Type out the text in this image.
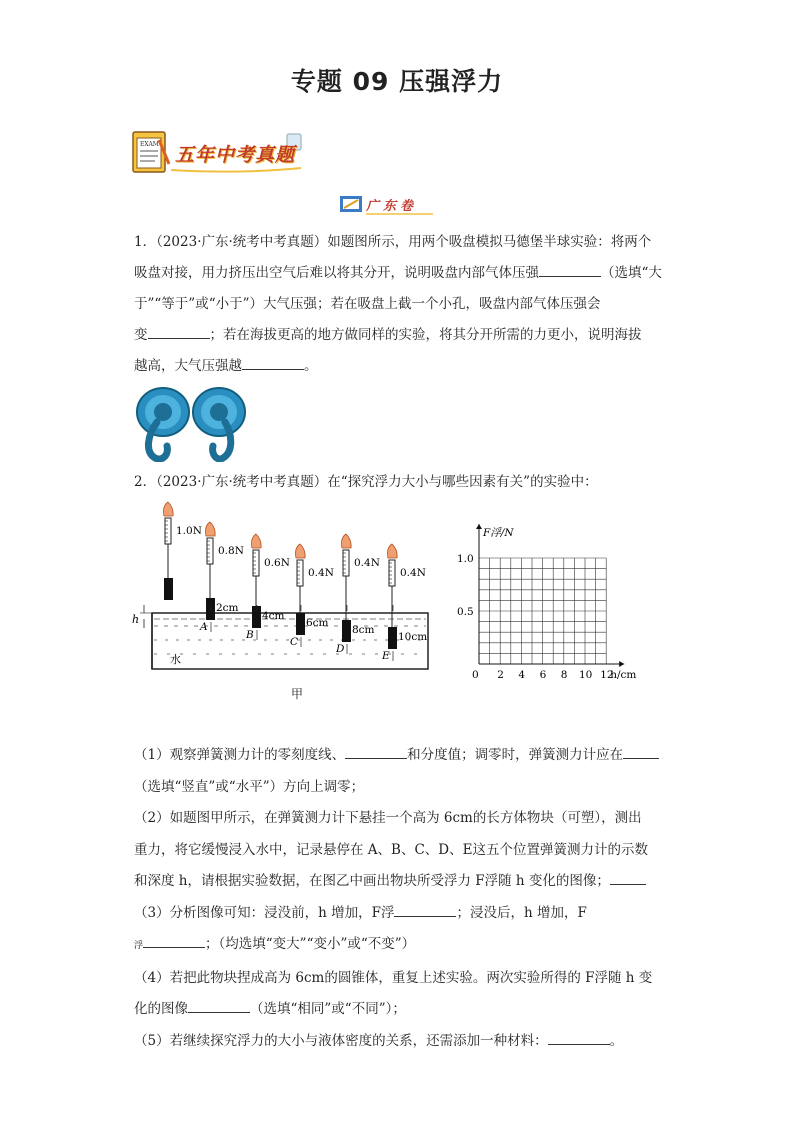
专题 09 压强浮力
EXAM 五年中考真题
广东卷
1．（2023·广东·统考中考真题）如题图所示，用两个吸盘模拟马德堡半球实验：将两个
吸盘对接，用力挤压出空气后难以将其分开，说明吸盘内部气体压强	（选填“大
于”“等于”或“小于”）大气压强；若在吸盘上截一个小孔，吸盘内部气体压强会
变	；若在海拔更高的地方做同样的实验，将其分开所需的力更小，说明海拔
越高，大气压强越	。
2．（2023·广东·统考中考真题）在“探究浮力大小与哪些因素有关”的实验中：
水
h
1.0N
0.8N
2cm
A
0.6N
4cm
B
0.4N
6cm
C
0.4N
8cm
D
0.4N
10cm
E
甲
F浮/N
h/cm
1.0
0.5
0 2 4 6 8 10 12
（1）观察弹簧测力计的零刻度线、	和分度值；调零时，弹簧测力计应在
（选填“竖直”或“水平”）方向上调零；
（2）如题图甲所示，在弹簧测力计下悬挂一个高为 6cm的长方体物块（可塑），测出
重力，将它缓慢浸入水中，记录悬停在 A、B、C、D、E这五个位置弹簧测力计的示数
和深度 h，请根据实验数据，在图乙中画出物块所受浮力 F浮随 h 变化的图像；
（3）分析图像可知：浸没前，h 增加，F浮	；浸没后，h 增加，F
浮	；（均选填“变大”“变小”或“不变”）
（4）若把此物块捏成高为 6cm的圆锥体，重复上述实验。两次实验所得的 F浮随 h 变
化的图像	（选填“相同”或“不同”）；
（5）若继续探究浮力的大小与液体密度的关系，还需添加一种材料：	。
